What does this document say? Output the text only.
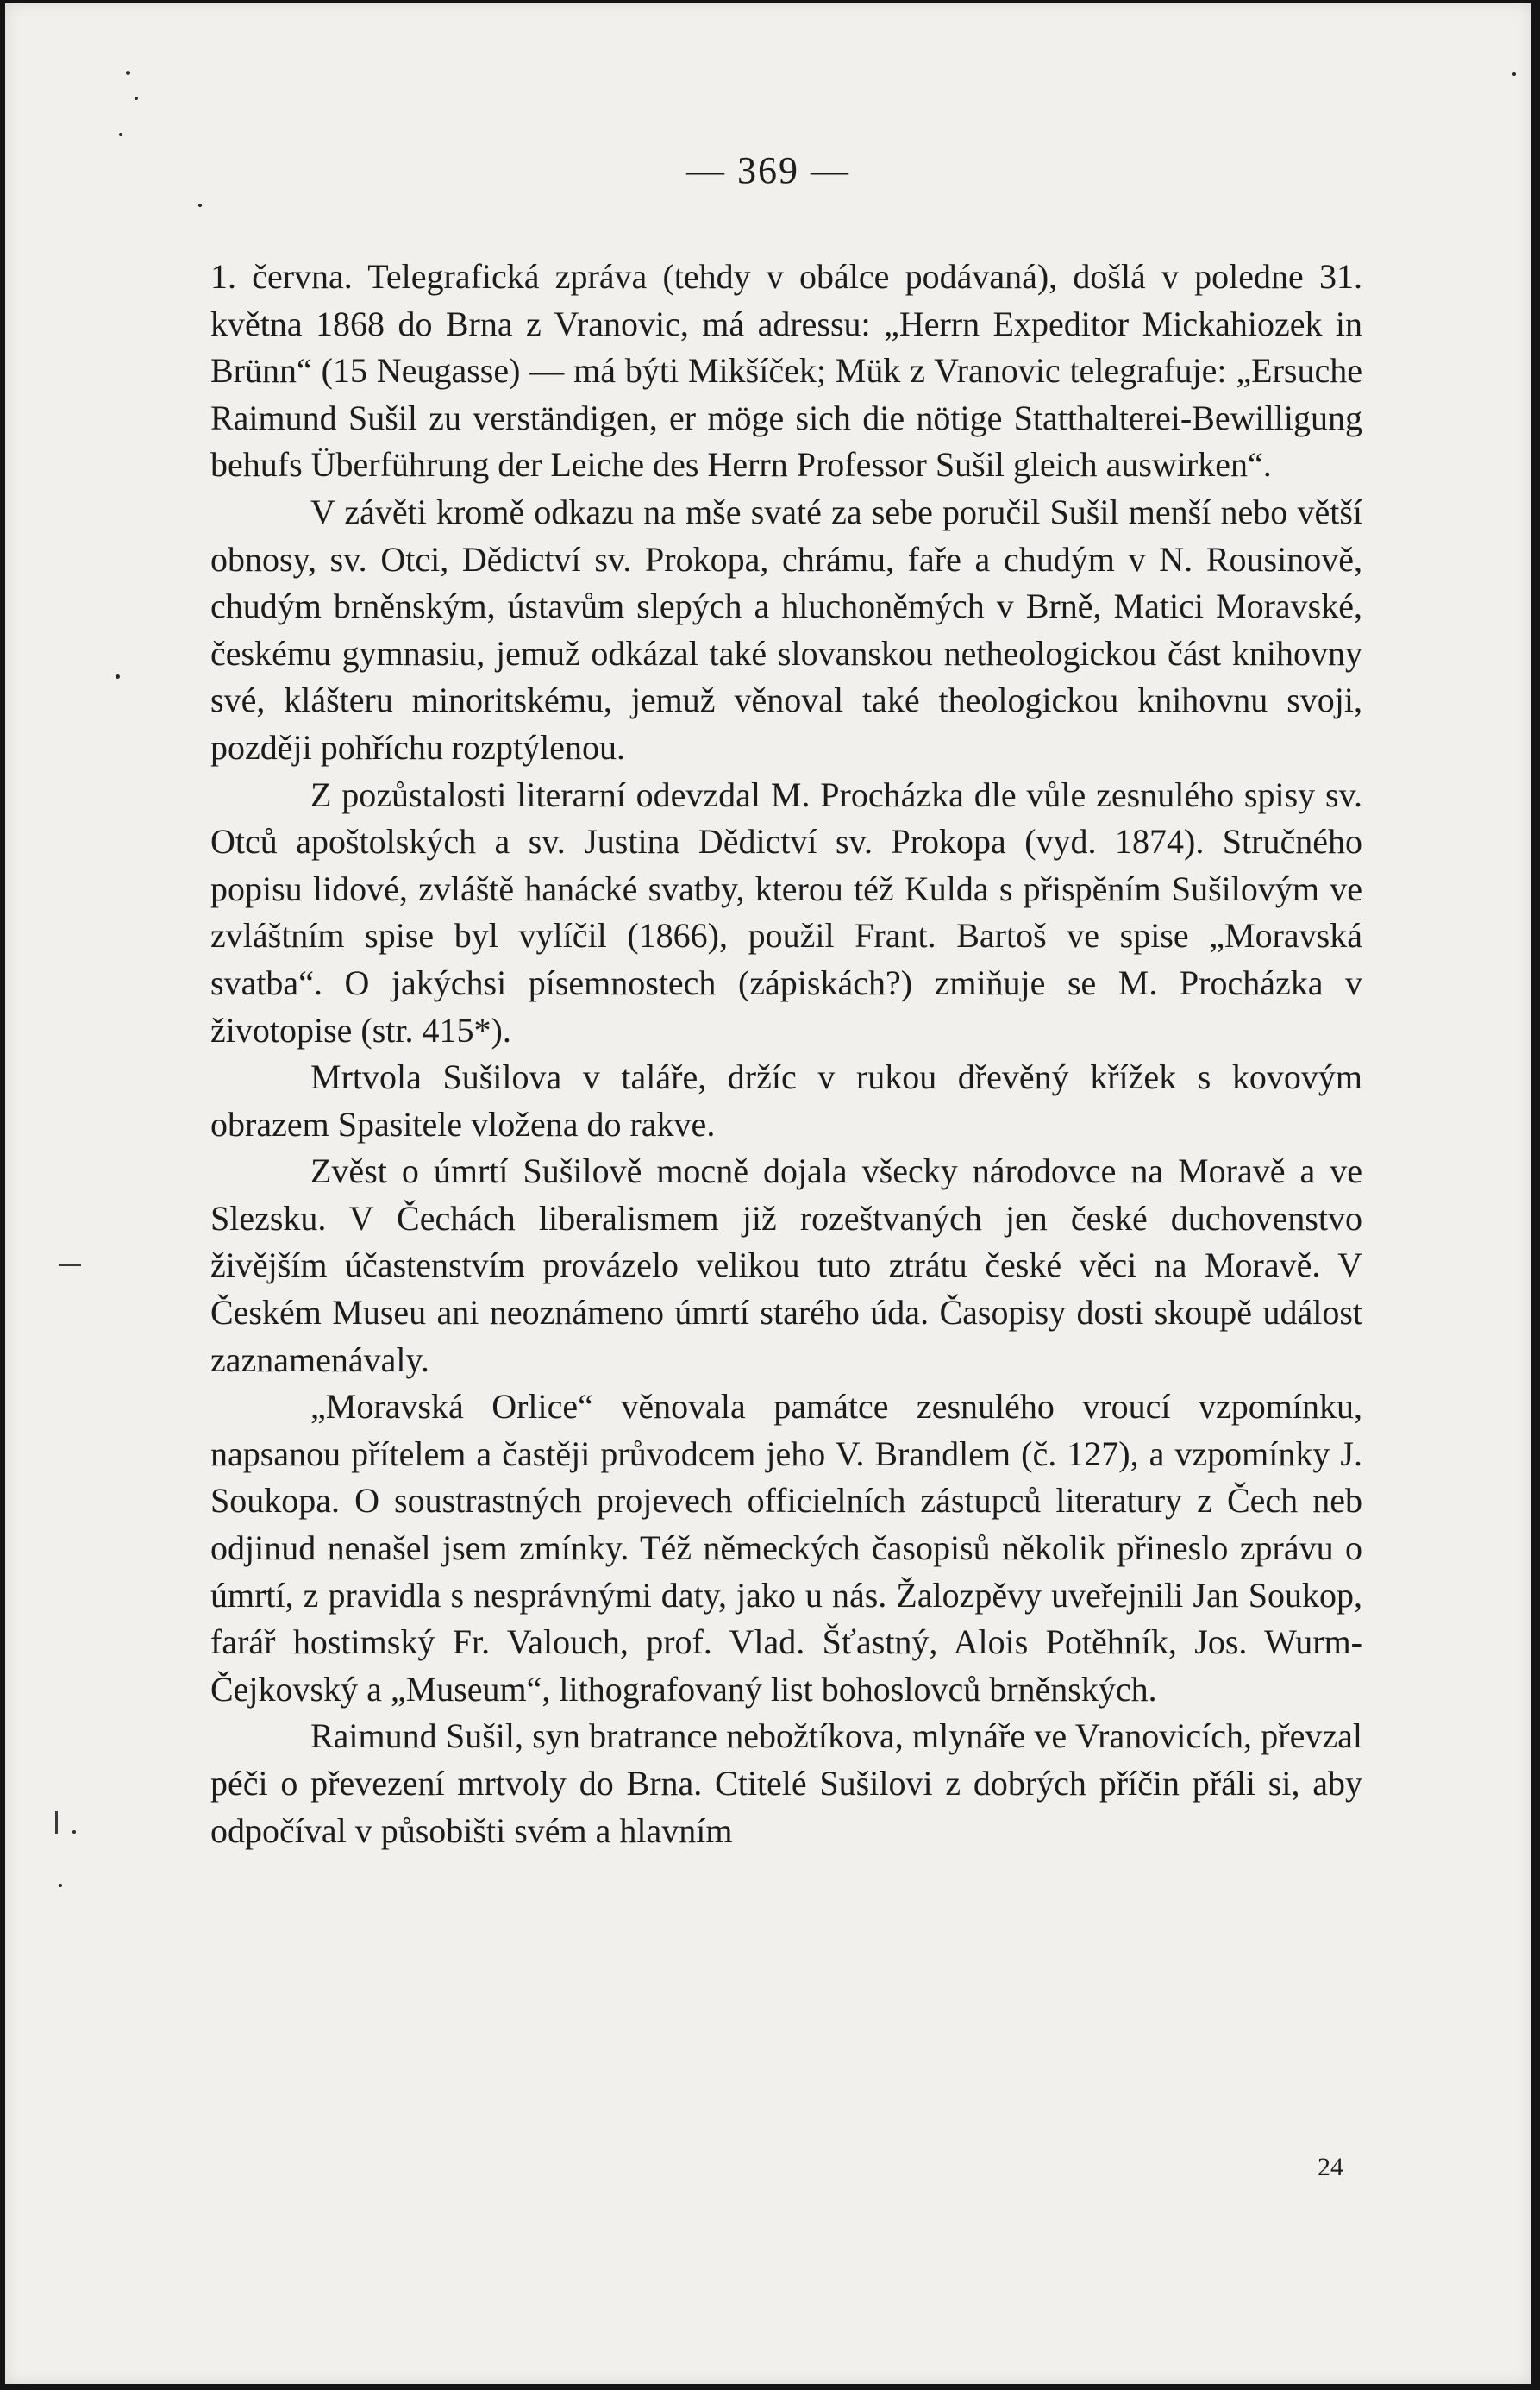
— 369 —

1. června. Telegrafická zpráva (tehdy v obálce podávaná), došlá v poledne 31. května 1868 do Brna z Vranovic, má adressu: „Herrn Expeditor Mickahiozek in Brünn“ (15 Neugasse) — má býti Mikšíček; Mük z Vranovic telegrafuje: „Ersuche Raimund Sušil zu verständigen, er möge sich die nötige Statthalterei-Bewilligung behufs Überführung der Leiche des Herrn Professor Sušil gleich auswirken“.

V závěti kromě odkazu na mše svaté za sebe poručil Sušil menší nebo větší obnosy, sv. Otci, Dědictví sv. Prokopa, chrámu, faře a chudým v N. Rousinově, chudým brněnským, ústavům slepých a hluchoněmých v Brně, Matici Moravské, českému gymnasiu, jemuž odkázal také slovanskou netheologickou část knihovny své, klášteru minoritskému, jemuž věnoval také theologickou knihovnu svoji, později pohříchu rozptýlenou.

Z pozůstalosti literarní odevzdal M. Procházka dle vůle zesnulého spisy sv. Otců apoštolských a sv. Justina Dědictví sv. Prokopa (vyd. 1874). Stručného popisu lidové, zvláště hanácké svatby, kterou též Kulda s přispěním Sušilovým ve zvláštním spise byl vylíčil (1866), použil Frant. Bartoš ve spise „Moravská svatba“. O jakýchsi písemnostech (zápiskách?) zmiňuje se M. Procházka v životopise (str. 415*).

Mrtvola Sušilova v taláře, držíc v rukou dřevěný křížek s kovovým obrazem Spasitele vložena do rakve.

Zvěst o úmrtí Sušilově mocně dojala všecky národovce na Moravě a ve Slezsku. V Čechách liberalismem již rozeštvaných jen české duchovenstvo živějším účastenstvím provázelo velikou tuto ztrátu české věci na Moravě. V Českém Museu ani neoznámeno úmrtí starého úda. Časopisy dosti skoupě událost zaznamenávaly.

„Moravská Orlice“ věnovala památce zesnulého vroucí vzpomínku, napsanou přítelem a častěji průvodcem jeho V. Brandlem (č. 127), a vzpomínky J. Soukopa. O soustrastných projevech officielních zástupců literatury z Čech neb odjinud nenašel jsem zmínky. Též německých časopisů několik přineslo zprávu o úmrtí, z pravidla s nesprávnými daty, jako u nás. Žalozpěvy uveřejnili Jan Soukop, farář hostimský Fr. Valouch, prof. Vlad. Šťastný, Alois Potěhník, Jos. Wurm-Čejkovský a „Museum“, lithografovaný list bohoslovců brněnských.

Raimund Sušil, syn bratrance nebožtíkova, mlynáře ve Vranovicích, převzal péči o převezení mrtvoly do Brna. Ctitelé Sušilovi z dobrých příčin přáli si, aby odpočíval v působišti svém a hlavním

24
